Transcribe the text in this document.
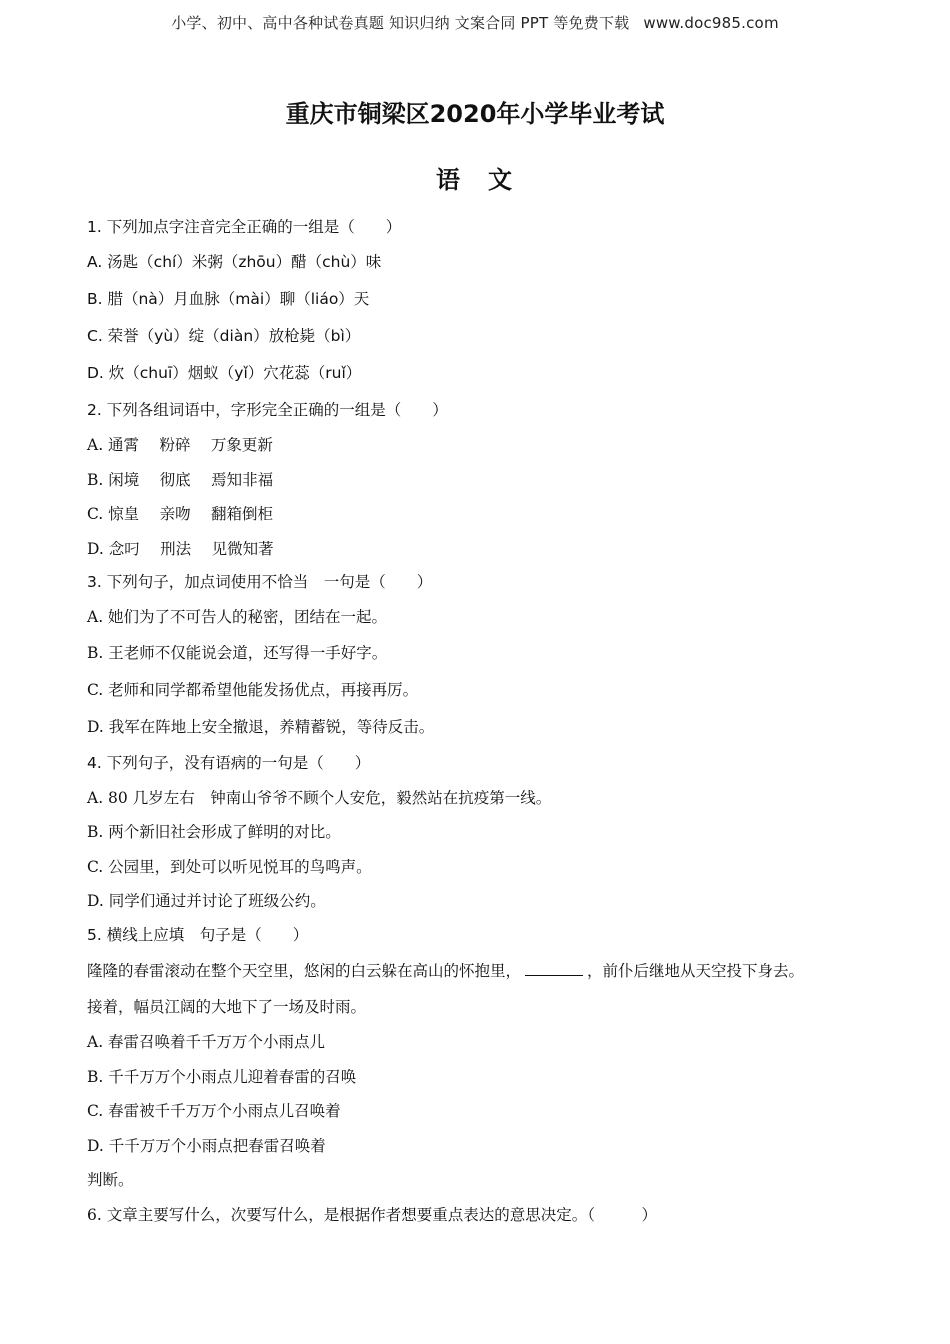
小学、初中、高中各种试卷真题 知识归纳 文案合同 PPT 等免费下载 www.doc985.com
重庆市铜梁区2020年小学毕业考试
语　文
1. 下列加点字注音完全正确的一组是（　　）
A. 汤匙（chí）米粥（zhōu）醋（chù）味
B. 腊（nà）月血脉（mài）聊（liáo）天
C. 荣誉（yù）绽（diàn）放枪毙（bì）
D. 炊（chuī）烟蚁（yǐ）穴花蕊（ruǐ）
2. 下列各组词语中，字形完全正确的一组是（　　）
A. 通霄　 粉碎　 万象更新
B. 闲境　 彻底　 焉知非福
C. 惊皇　 亲吻　 翻箱倒柜
D. 念叼　 刑法　 见微知著
3. 下列句子，加点词使用不恰当　一句是（　　）
A. 她们为了不可告人的秘密，团结在一起。
B. 王老师不仅能说会道，还写得一手好字。
C. 老师和同学都希望他能发扬优点，再接再厉。
D. 我军在阵地上安全撤退，养精蓄锐，等待反击。
4. 下列句子，没有语病的一句是（　　）
A. 80 几岁左右　钟南山爷爷不顾个人安危，毅然站在抗疫第一线。
B. 两个新旧社会形成了鲜明的对比。
C. 公园里，到处可以听见悦耳的鸟鸣声。
D. 同学们通过并讨论了班级公约。
5. 横线上应填　句子是（　　）
隆隆的春雷滚动在整个天空里，悠闲的白云躲在高山的怀抱里，	，前仆后继地从天空投下身去。
接着，幅员江阔的大地下了一场及时雨。
A. 春雷召唤着千千万万个小雨点儿
B. 千千万万个小雨点儿迎着春雷的召唤
C. 春雷被千千万万个小雨点儿召唤着
D. 千千万万个小雨点把春雷召唤着
判断。
6. 文章主要写什么，次要写什么，是根据作者想要重点表达的意思决定。（　　　）
